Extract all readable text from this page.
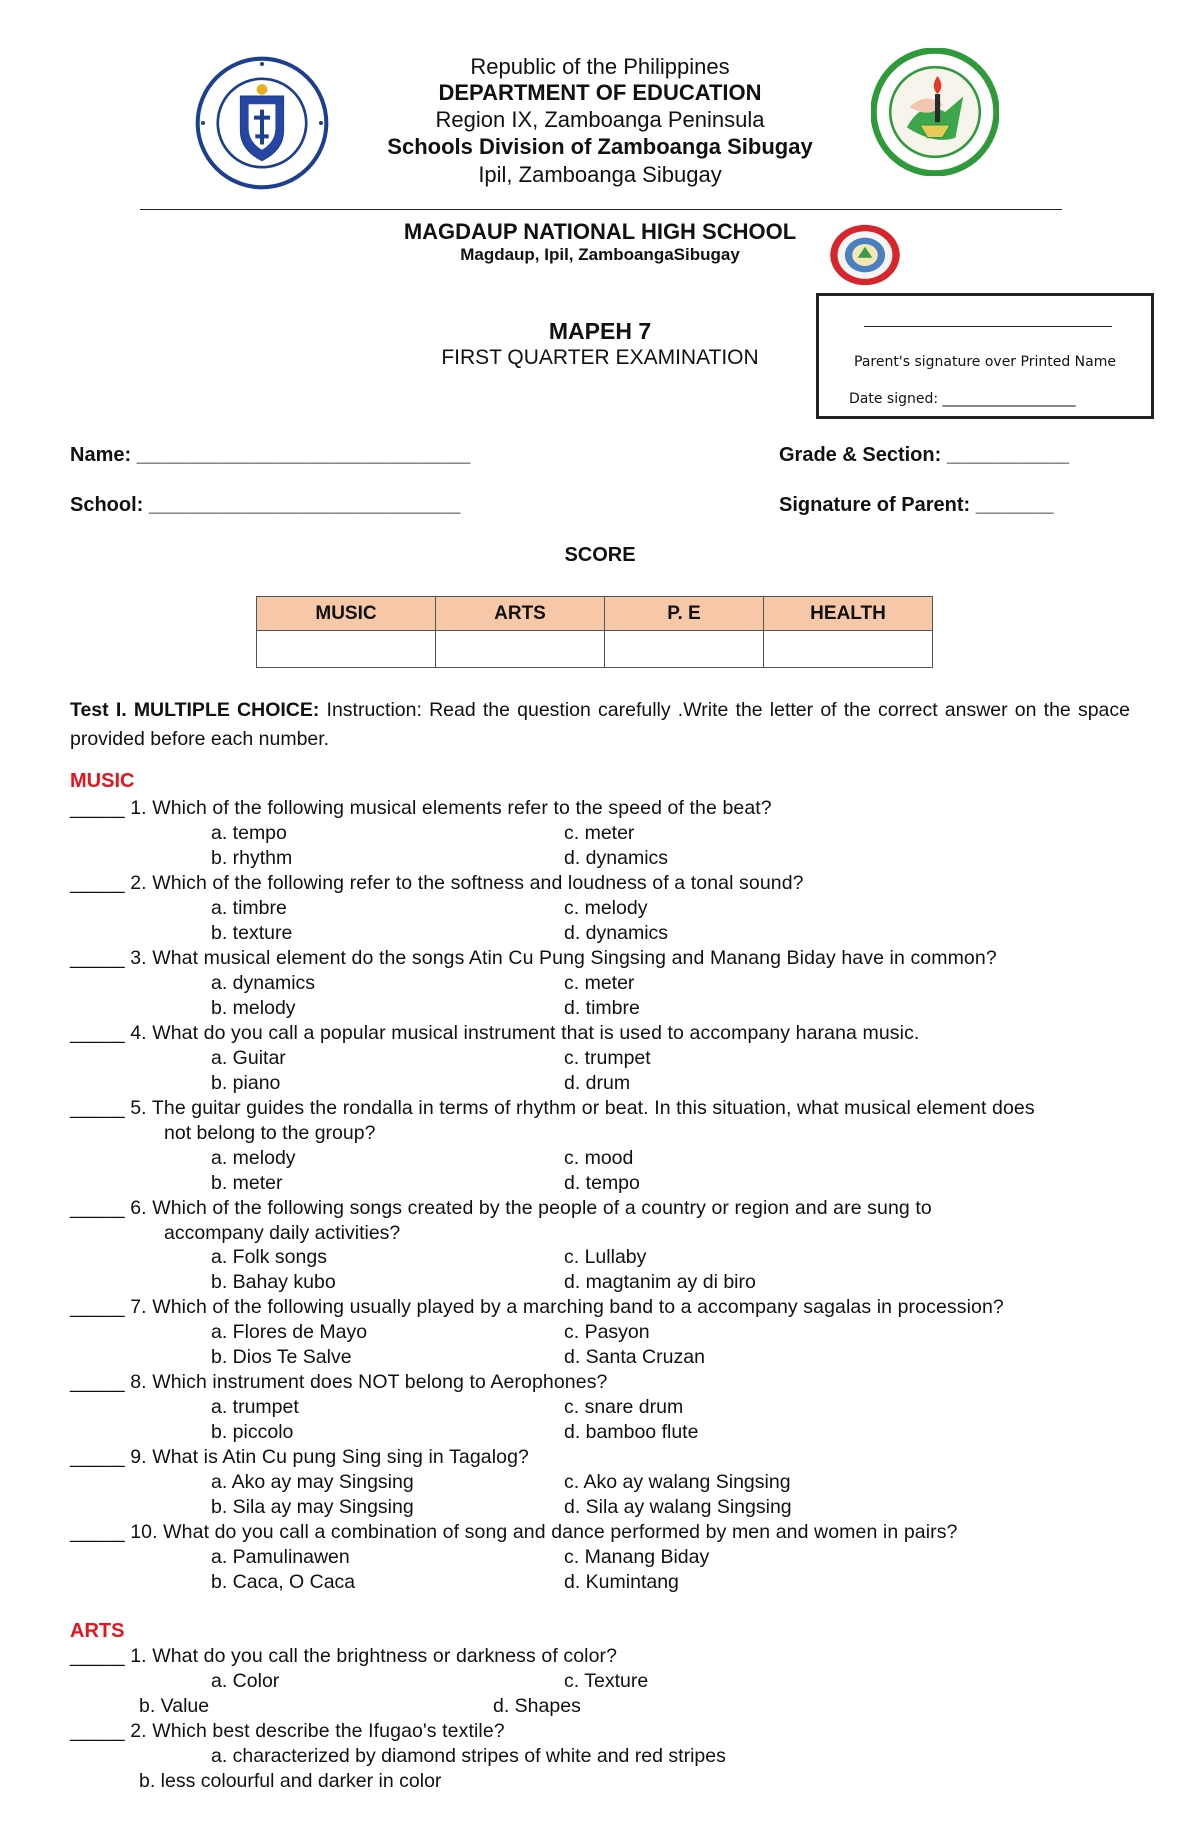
Republic of the Philippines
DEPARTMENT OF EDUCATION
Region IX, Zamboanga Peninsula
Schools Division of Zamboanga Sibugay
Ipil, Zamboanga Sibugay
MAGDAUP NATIONAL HIGH SCHOOL
Magdaup, Ipil, ZamboangaSibugay
MAPEH 7
FIRST QUARTER EXAMINATION	Parent's signature over Printed Name
Date signed: ___________________
Name: ______________________________	Grade & Section: ___________
School: ____________________________	Signature of Parent: _______
SCORE
MUSIC	ARTS	P. E	HEALTH

Test I. MULTIPLE CHOICE: Instruction: Read the question carefully .Write the letter of the correct answer on the space provided before each number.
MUSIC
_____ 1. Which of the following musical elements refer to the speed of the beat?
a. tempo	c. meter
b. rhythm	d. dynamics
_____ 2. Which of the following refer to the softness and loudness of a tonal sound?
a. timbre	c. melody
b. texture	d. dynamics
_____ 3. What musical element do the songs Atin Cu Pung Singsing and Manang Biday have in common?
a. dynamics	c. meter
b. melody	d. timbre
_____ 4. What do you call a popular musical instrument that is used to accompany harana music.
a. Guitar	c. trumpet
b. piano	d. drum
_____ 5. The guitar guides the rondalla in terms of rhythm or beat. In this situation, what musical element does
not belong to the group?
a. melody	c. mood
b. meter	d. tempo
_____ 6. Which of the following songs created by the people of a country or region and are sung to
accompany daily activities?
a. Folk songs	c. Lullaby
b. Bahay kubo	d. magtanim ay di biro
_____ 7. Which of the following usually played by a marching band to a accompany sagalas in procession?
a. Flores de Mayo	c. Pasyon
b. Dios Te Salve	d. Santa Cruzan
_____ 8. Which instrument does NOT belong to Aerophones?
a. trumpet	c. snare drum
b. piccolo	d. bamboo flute
_____ 9. What is Atin Cu pung Sing sing in Tagalog?
a. Ako ay may Singsing	c. Ako ay walang Singsing
b. Sila ay may Singsing	d. Sila ay walang Singsing
_____ 10. What do you call a combination of song and dance performed by men and women in pairs?
a. Pamulinawen	c. Manang Biday
b. Caca, O Caca	d. Kumintang
ARTS
_____ 1. What do you call the brightness or darkness of color?
a. Color	c. Texture
b. Value	d. Shapes
_____ 2. Which best describe the Ifugao's textile?
a. characterized by diamond stripes of white and red stripes
b. less colourful and darker in color
